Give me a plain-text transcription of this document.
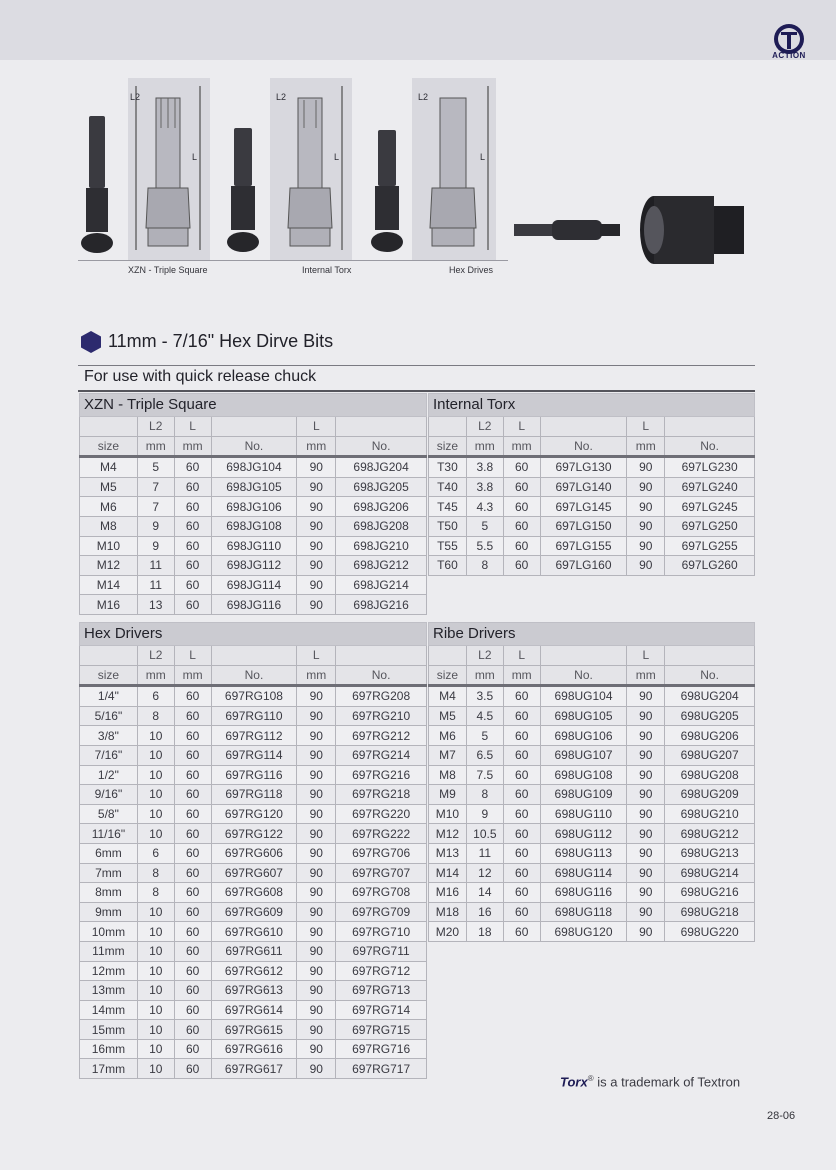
ACTION
L2
L
L2
L
L2
L
XZN - Triple Square	Internal Torx	Hex Drives
11mm - 7/16" Hex Dirve Bits
For use with quick release chuck
XZN - Triple Square					
	L2	L		L	
size	mm	mm	No.	mm	No.
M4	5	60	698JG104	90	698JG204
M5	7	60	698JG105	90	698JG205
M6	7	60	698JG106	90	698JG206
M8	9	60	698JG108	90	698JG208
M10	9	60	698JG110	90	698JG210
M12	11	60	698JG112	90	698JG212
M14	11	60	698JG114	90	698JG214
M16	13	60	698JG116	90	698JG216
Internal Torx					
	L2	L		L	
size	mm	mm	No.	mm	No.
T30	3.8	60	697LG130	90	697LG230
T40	3.8	60	697LG140	90	697LG240
T45	4.3	60	697LG145	90	697LG245
T50	5	60	697LG150	90	697LG250
T55	5.5	60	697LG155	90	697LG255
T60	8	60	697LG160	90	697LG260
Hex Drivers					
	L2	L		L	
size	mm	mm	No.	mm	No.
1/4"	6	60	697RG108	90	697RG208
5/16"	8	60	697RG110	90	697RG210
3/8"	10	60	697RG112	90	697RG212
7/16"	10	60	697RG114	90	697RG214
1/2"	10	60	697RG116	90	697RG216
9/16"	10	60	697RG118	90	697RG218
5/8"	10	60	697RG120	90	697RG220
11/16"	10	60	697RG122	90	697RG222
6mm	6	60	697RG606	90	697RG706
7mm	8	60	697RG607	90	697RG707
8mm	8	60	697RG608	90	697RG708
9mm	10	60	697RG609	90	697RG709
10mm	10	60	697RG610	90	697RG710
11mm	10	60	697RG611	90	697RG711
12mm	10	60	697RG612	90	697RG712
13mm	10	60	697RG613	90	697RG713
14mm	10	60	697RG614	90	697RG714
15mm	10	60	697RG615	90	697RG715
16mm	10	60	697RG616	90	697RG716
17mm	10	60	697RG617	90	697RG717
Ribe Drivers					
	L2	L		L	
size	mm	mm	No.	mm	No.
M4	3.5	60	698UG104	90	698UG204
M5	4.5	60	698UG105	90	698UG205
M6	5	60	698UG106	90	698UG206
M7	6.5	60	698UG107	90	698UG207
M8	7.5	60	698UG108	90	698UG208
M9	8	60	698UG109	90	698UG209
M10	9	60	698UG110	90	698UG210
M12	10.5	60	698UG112	90	698UG212
M13	11	60	698UG113	90	698UG213
M14	12	60	698UG114	90	698UG214
M16	14	60	698UG116	90	698UG216
M18	16	60	698UG118	90	698UG218
M20	18	60	698UG120	90	698UG220
Torx® is a trademark of Textron
28-06
